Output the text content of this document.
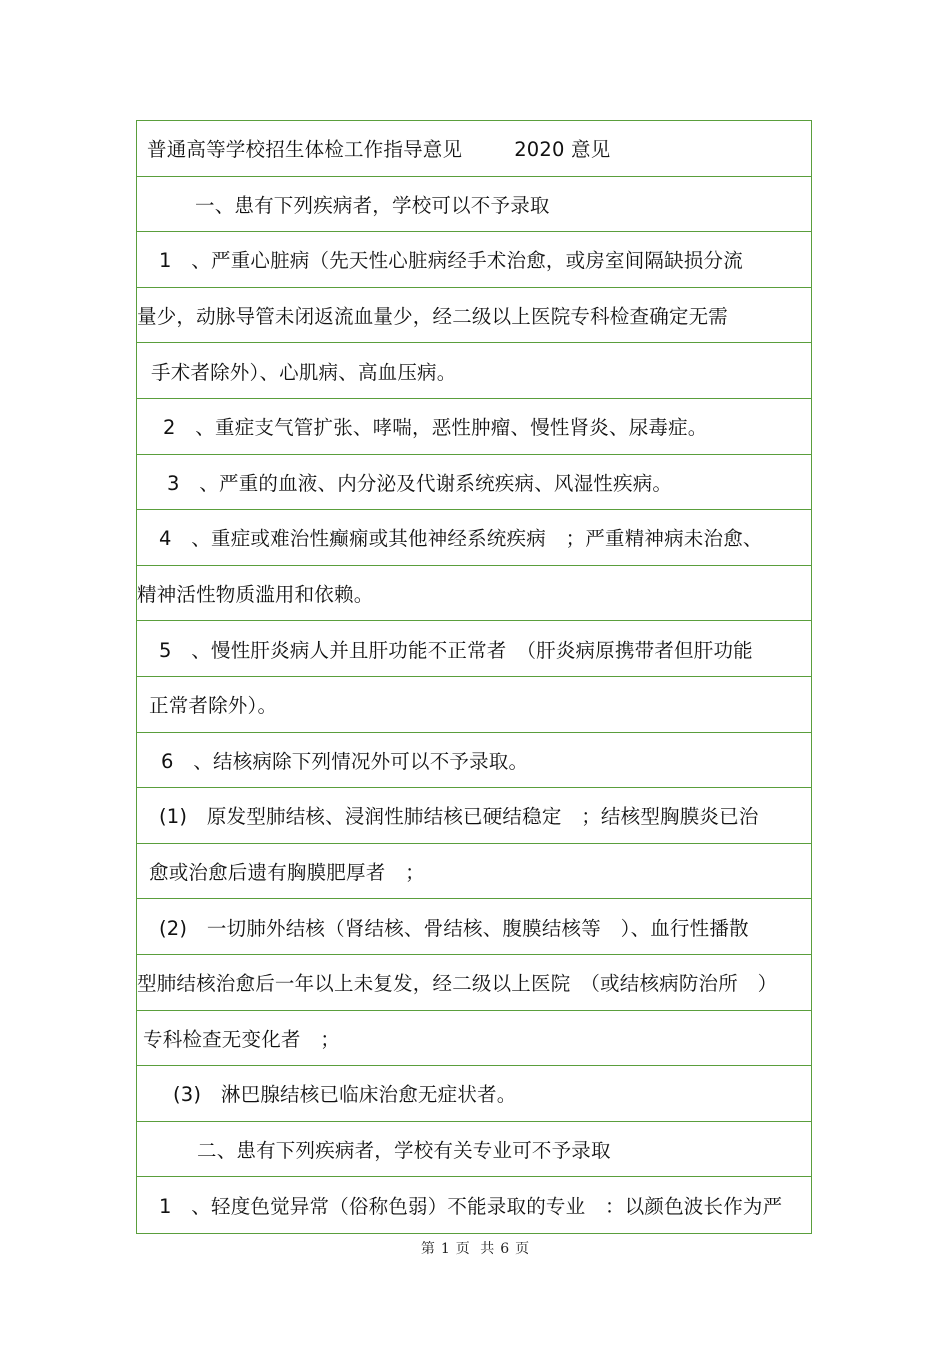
普通高等学校招生体检工作指导意见	2020 意见
一、患有下列疾病者，学校可以不予录取
1　、严重心脏病（先天性心脏病经手术治愈，或房室间隔缺损分流
量少，动脉导管未闭返流血量少，经二级以上医院专科检查确定无需
手术者除外）、心肌病、高血压病。
2　、重症支气管扩张、哮喘，恶性肿瘤、慢性肾炎、尿毒症。
3　、严重的血液、内分泌及代谢系统疾病、风湿性疾病。
4　、重症或难治性癫痫或其他神经系统疾病　；严重精神病未治愈、
精神活性物质滥用和依赖。
5　、慢性肝炎病人并且肝功能不正常者　（肝炎病原携带者但肝功能
正常者除外）。
6　、结核病除下列情况外可以不予录取。
(1)　原发型肺结核、浸润性肺结核已硬结稳定　；结核型胸膜炎已治
愈或治愈后遗有胸膜肥厚者　；
(2)　一切肺外结核（肾结核、骨结核、腹膜结核等　）、血行性播散
型肺结核治愈后一年以上未复发，经二级以上医院　（或结核病防治所　）
专科检查无变化者　；
(3)　淋巴腺结核已临床治愈无症状者。
二、患有下列疾病者，学校有关专业可不予录取
1　、轻度色觉异常（俗称色弱）不能录取的专业　：以颜色波长作为严
第 1 页 共 6 页
